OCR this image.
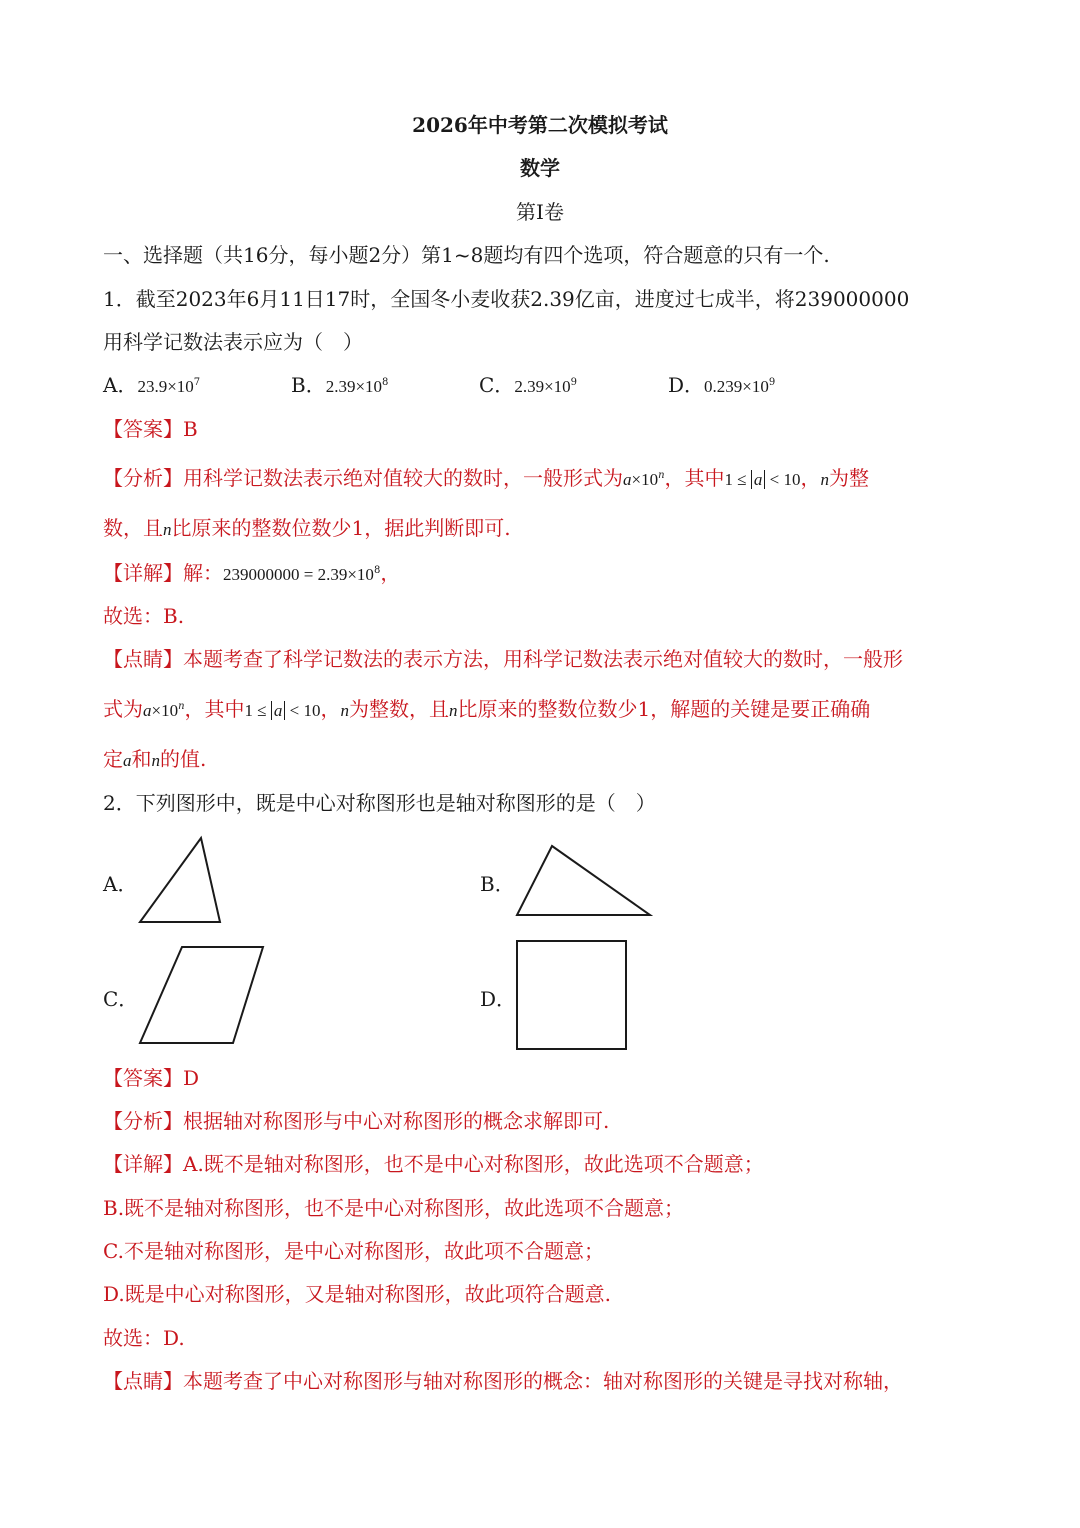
2026年中考第二次模拟考试
数学
第Ⅰ卷
一、选择题（共16分，每小题2分）第1~8题均有四个选项，符合题意的只有一个.
1．截至2023年6月11日17时，全国冬小麦收获2.39亿亩，进度过七成半，将239000000
用科学记数法表示应为（　）
A．$23.9\times 10^7$	B．$2.39\times 10^8$	C．$2.39\times 10^9$	D．$0.239\times 10^9$
【答案】B
【分析】用科学记数法表示绝对值较大的数时，一般形式为$a\times 10^n$，其中1 ≤ a < 10，n为整
数，且n比原来的整数位数少1，据此判断即可.
【详解】解：$239000000 = 2.39\times 10^8$，
故选：B.
【点睛】本题考查了科学记数法的表示方法，用科学记数法表示绝对值较大的数时，一般形
式为$a\times 10^n$，其中1 ≤ a < 10，n为整数，且n比原来的整数位数少1，解题的关键是要正确确
定a和n的值.
2．下列图形中，既是中心对称图形也是轴对称图形的是（　）
A．	B．
C．	D．
【答案】D
【分析】根据轴对称图形与中心对称图形的概念求解即可.
【详解】A.既不是轴对称图形，也不是中心对称图形，故此选项不合题意；
B.既不是轴对称图形，也不是中心对称图形，故此选项不合题意；
C.不是轴对称图形，是中心对称图形，故此项不合题意；
D.既是中心对称图形，又是轴对称图形，故此项符合题意.
故选：D.
【点睛】本题考查了中心对称图形与轴对称图形的概念：轴对称图形的关键是寻找对称轴，
